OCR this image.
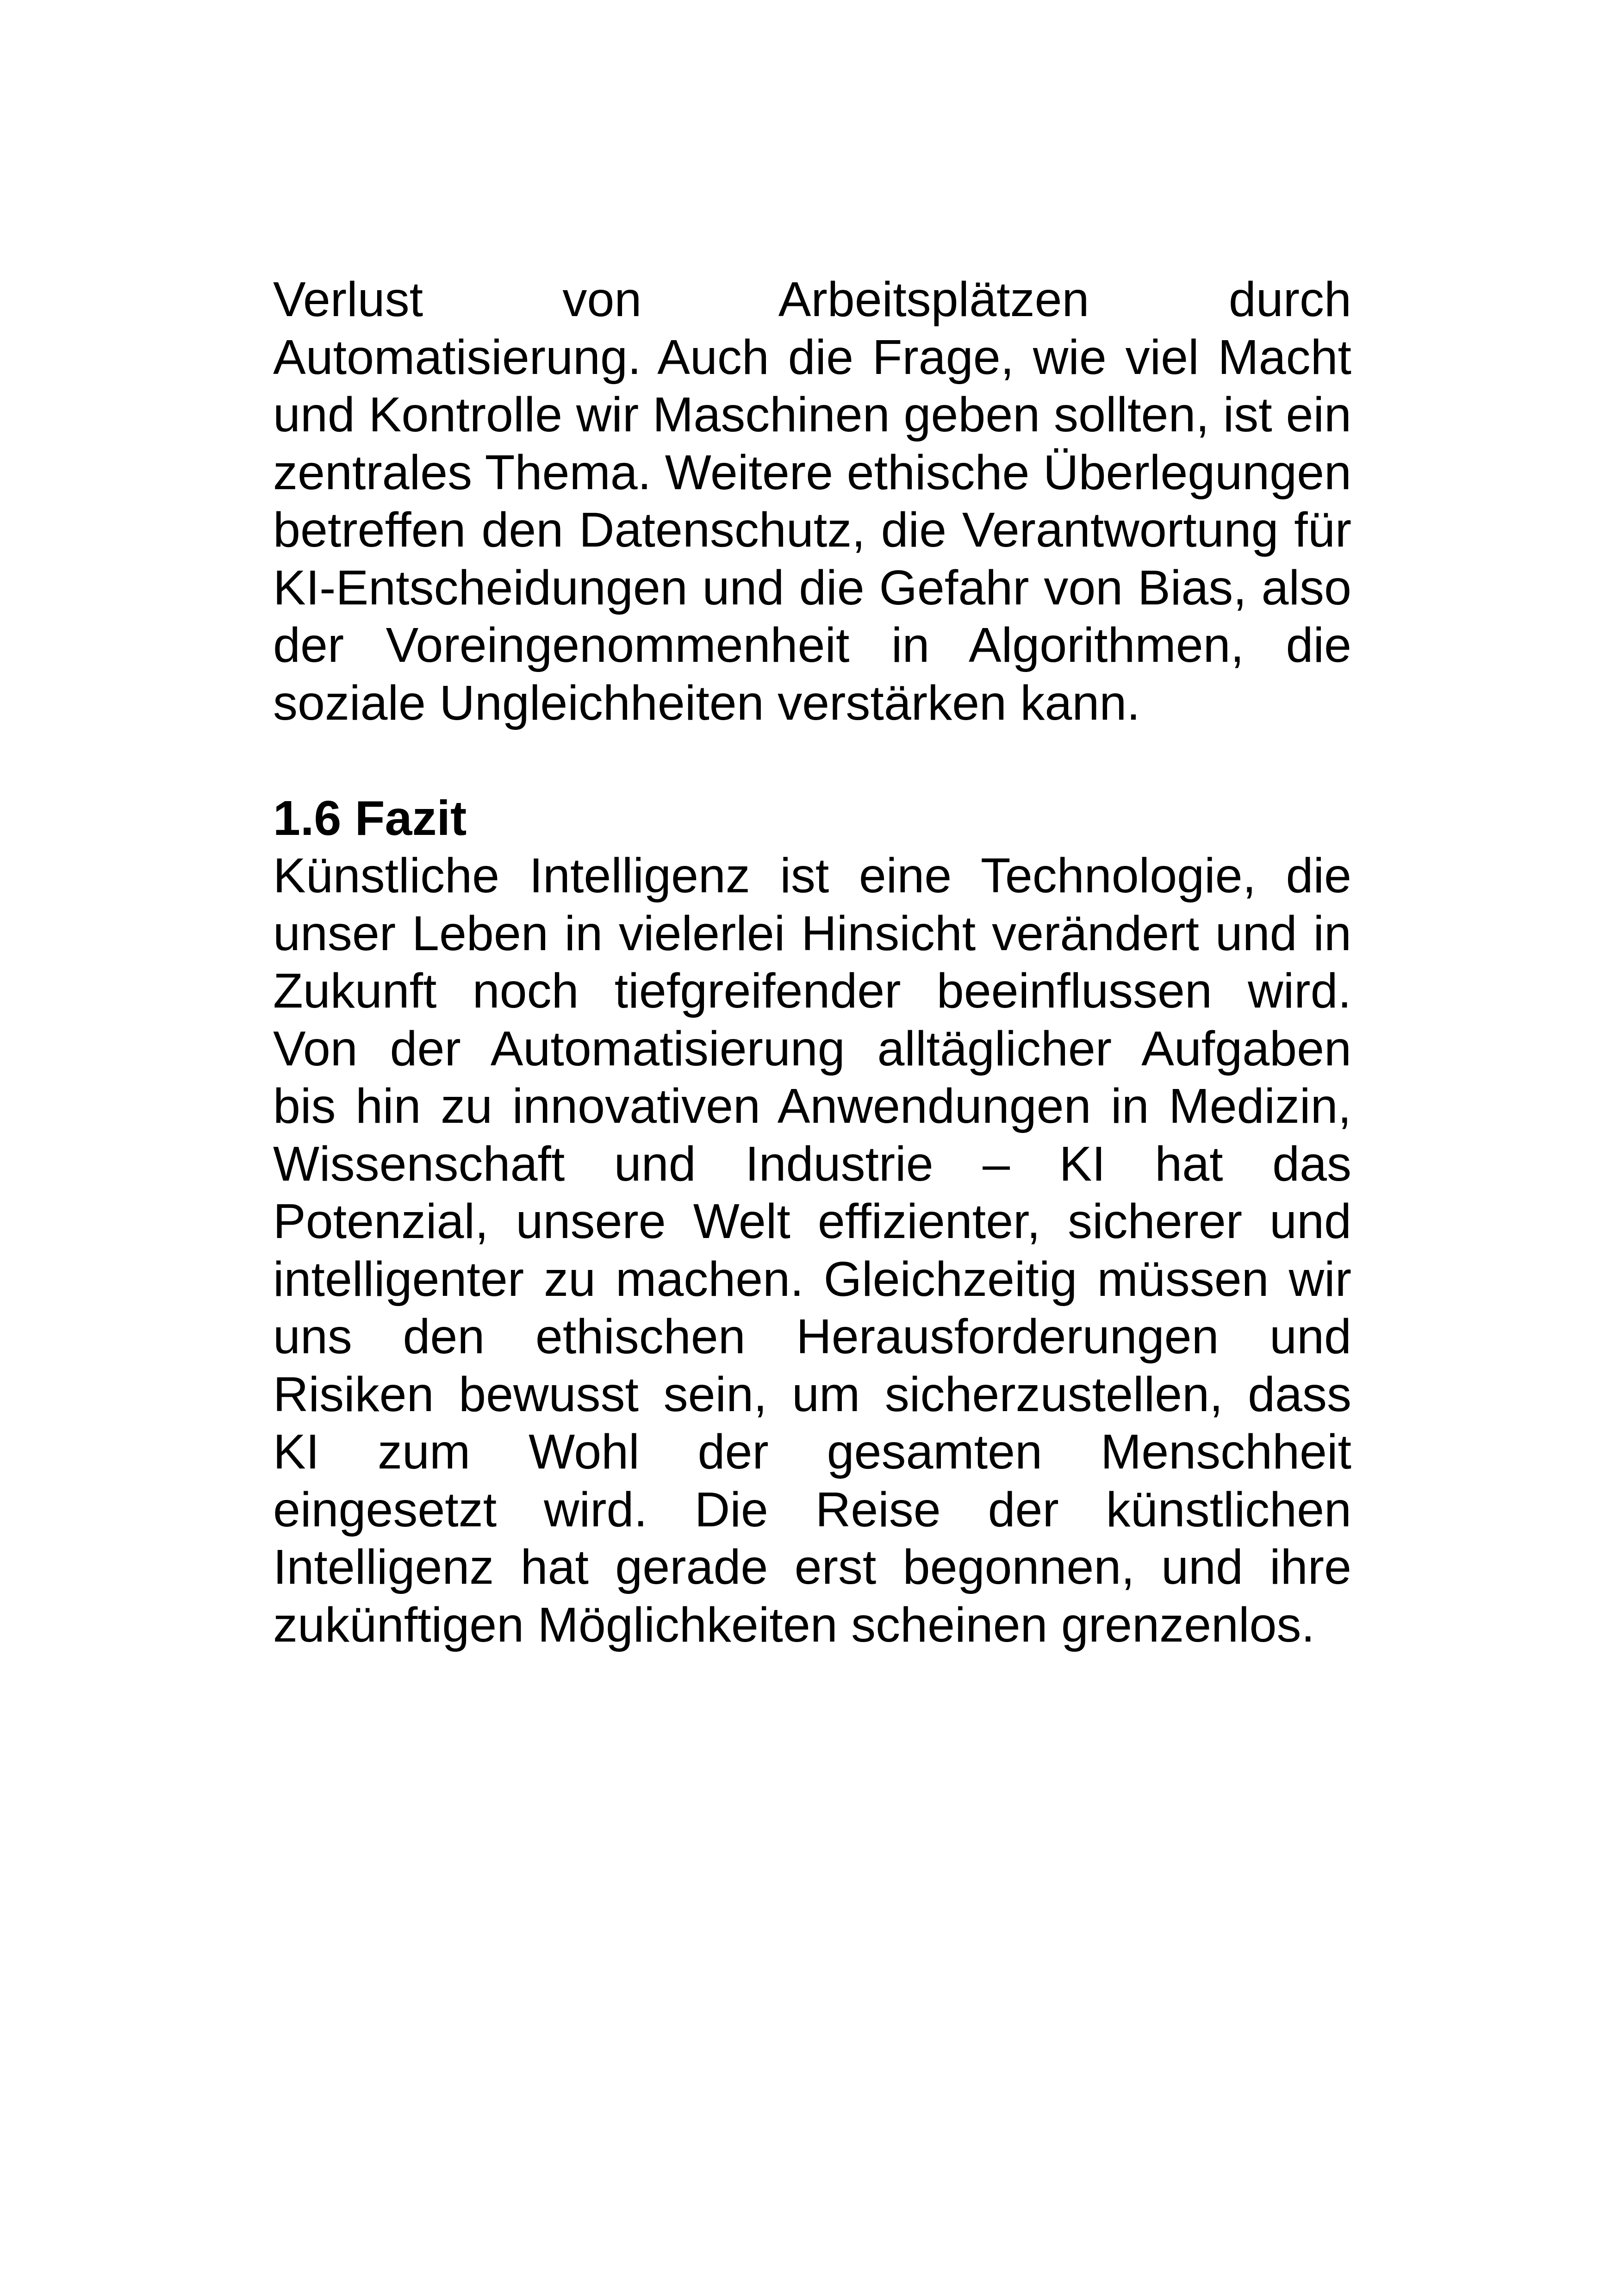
Verlust von Arbeitsplätzen durch Automatisierung. Auch die Frage, wie viel Macht und Kontrolle wir Maschinen geben sollten, ist ein zentrales Thema. Weitere ethische Überlegungen betreffen den Datenschutz, die Verantwortung für KI-Entscheidungen und die Gefahr von Bias, also der Voreingenommenheit in Algorithmen, die soziale Ungleichheiten verstärken kann.

1.6 Fazit

Künstliche Intelligenz ist eine Technologie, die unser Leben in vielerlei Hinsicht verändert und in Zukunft noch tiefgreifender beeinflussen wird. Von der Automatisierung alltäglicher Aufgaben bis hin zu innovativen Anwendungen in Medizin, Wissenschaft und Industrie – KI hat das Potenzial, unsere Welt effizienter, sicherer und intelligenter zu machen. Gleichzeitig müssen wir uns den ethischen Herausforderungen und Risiken bewusst sein, um sicherzustellen, dass KI zum Wohl der gesamten Menschheit eingesetzt wird. Die Reise der künstlichen Intelligenz hat gerade erst begonnen, und ihre zukünftigen Möglichkeiten scheinen grenzenlos.
